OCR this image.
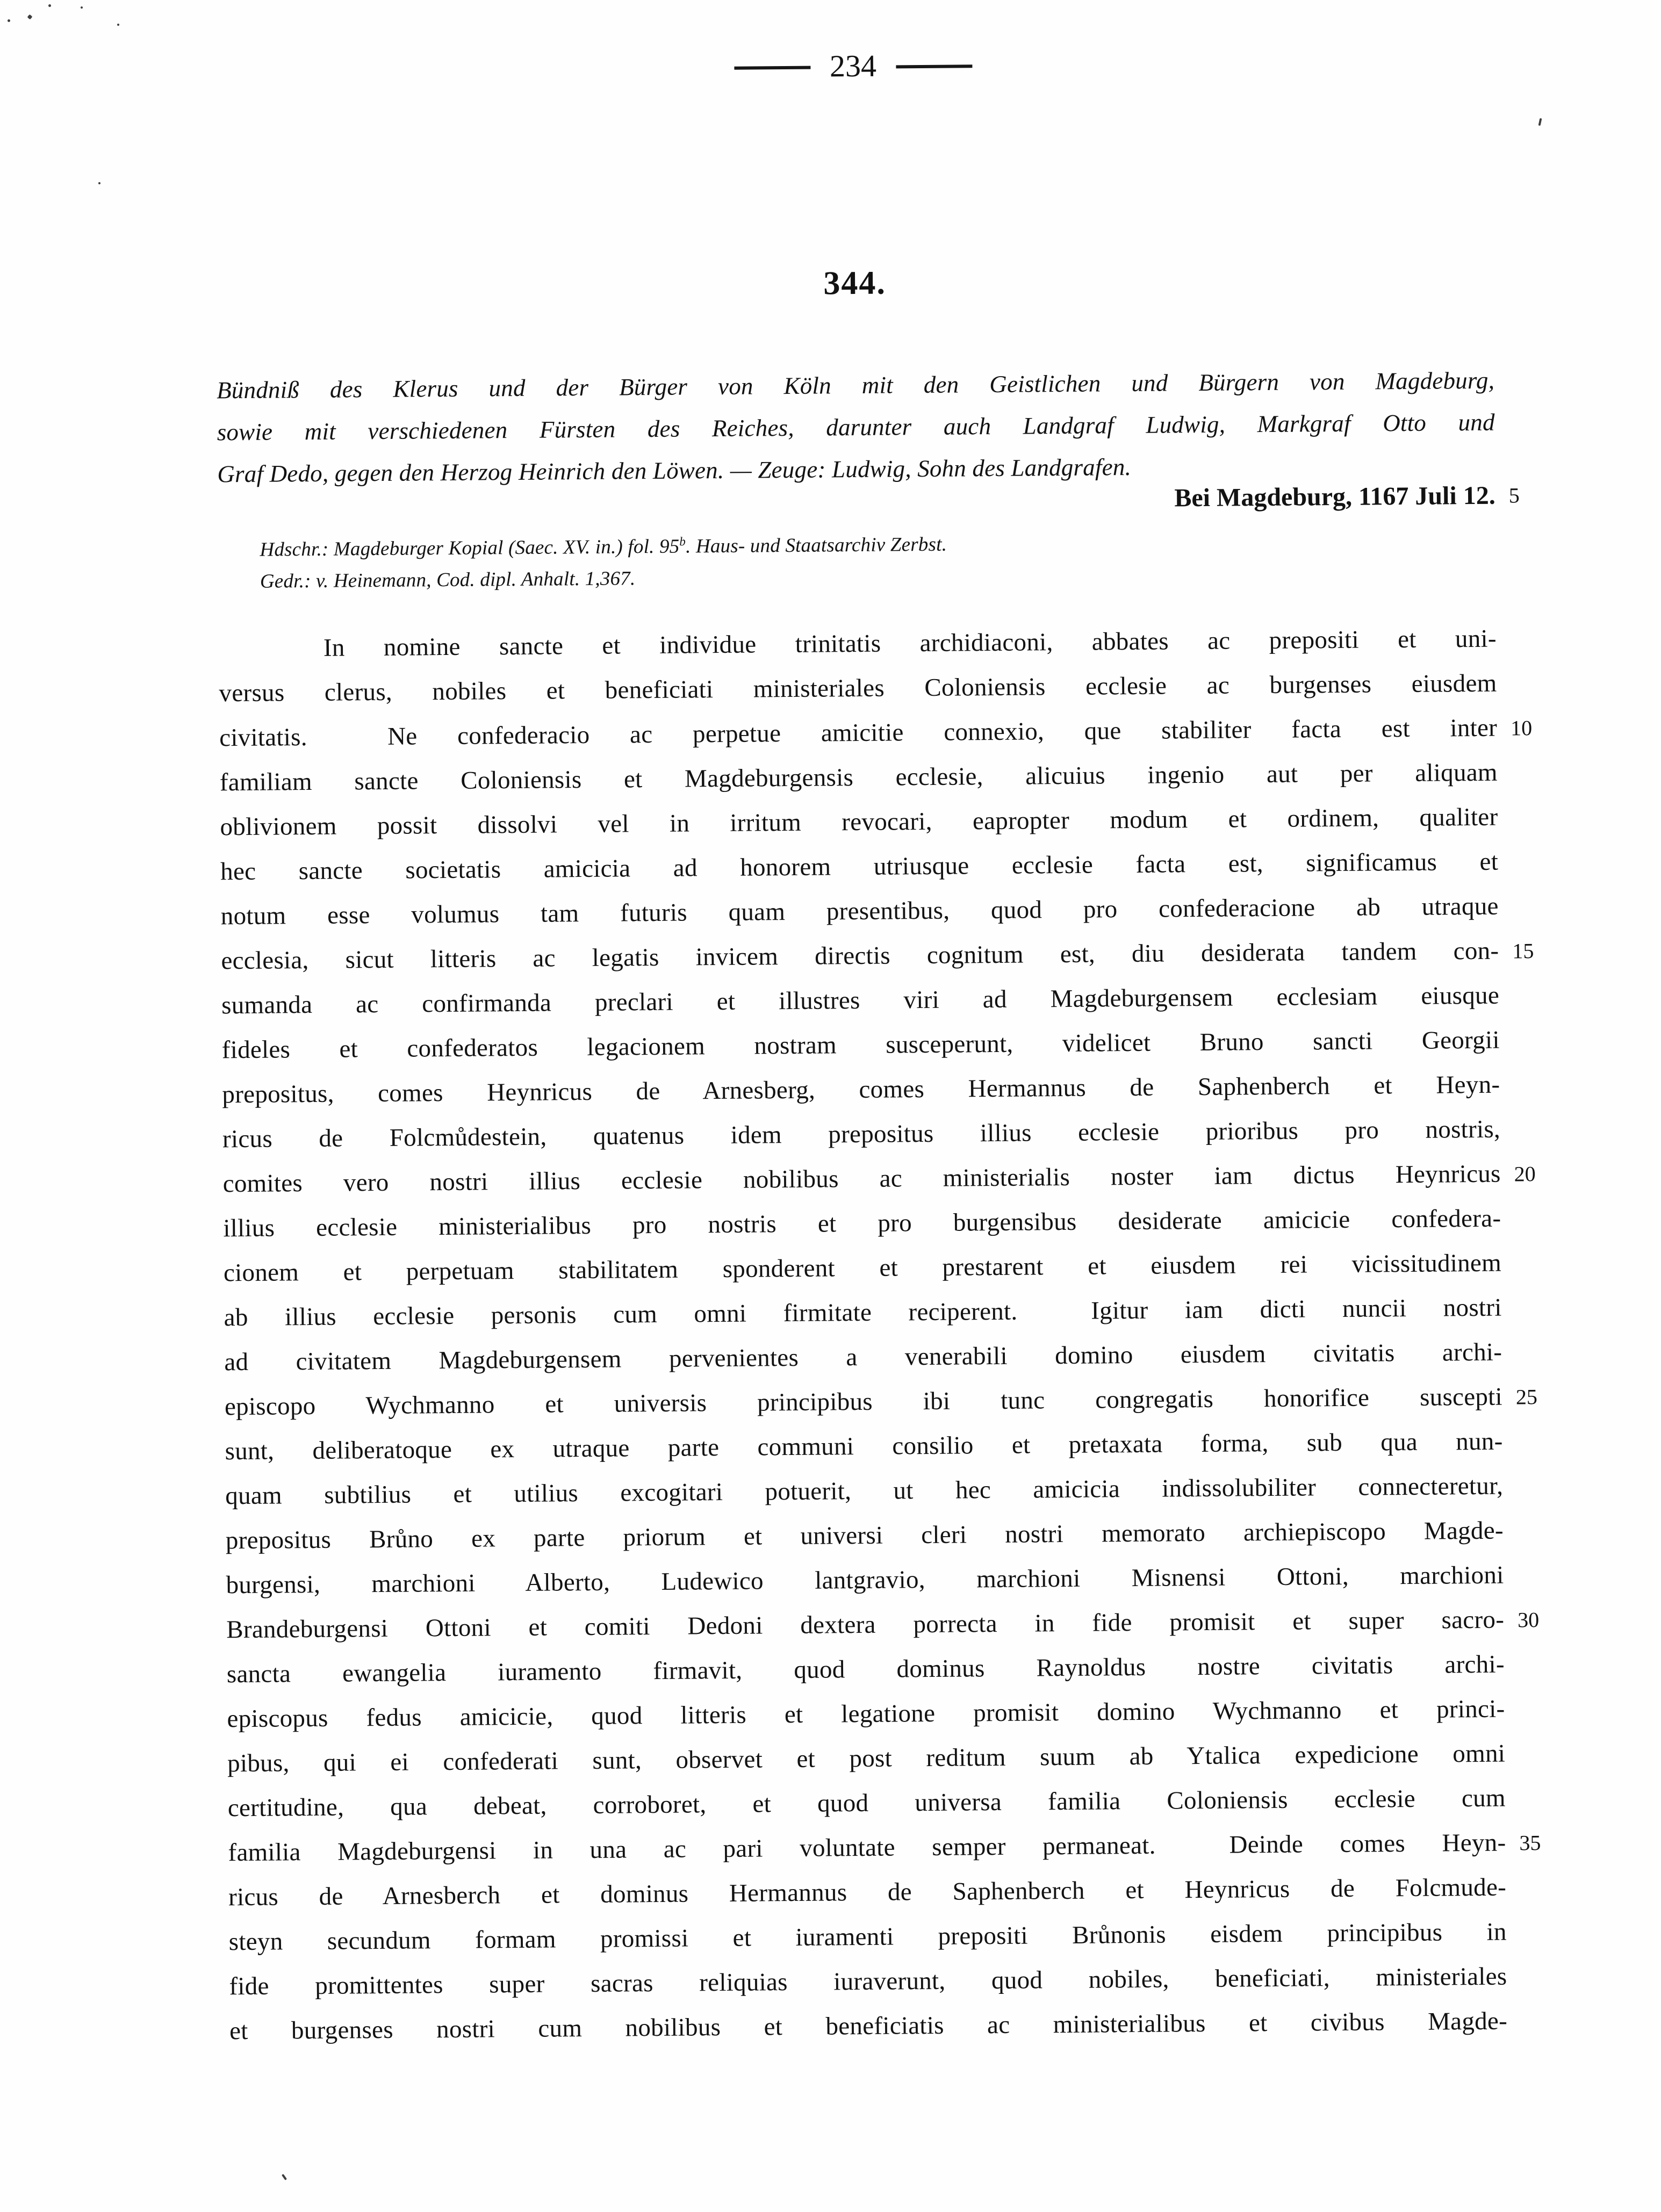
234
344.
Bündniß des Klerus und der Bürger von Köln mit den Geistlichen und Bürgern von Magdeburg,
sowie mit verschiedenen Fürsten des Reiches, darunter auch Landgraf Ludwig, Markgraf Otto und
Graf Dedo, gegen den Herzog Heinrich den Löwen. — Zeuge: Ludwig, Sohn des Landgrafen.
Bei Magdeburg, 1167 Juli 12. 5
Hdschr.: Magdeburger Kopial (Saec. XV. in.) fol. 95$^b$. Haus- und Staatsarchiv Zerbst.
Gedr.: v. Heinemann, Cod. dipl. Anhalt. 1,367.
In nomine sancte et individue trinitatis archidiaconi, abbates ac prepositi et uni-
versus clerus, nobiles et beneficiati ministeriales Coloniensis ecclesie ac burgenses eiusdem
civitatis.  Ne confederacio ac perpetue amicitie connexio, que stabiliter facta est inter 10
familiam sancte Coloniensis et Magdeburgensis ecclesie, alicuius ingenio aut per aliquam
oblivionem possit dissolvi vel in irritum revocari, eapropter modum et ordinem, qualiter
hec sancte societatis amicicia ad honorem utriusque ecclesie facta est, significamus et
notum esse volumus tam futuris quam presentibus, quod pro confederacione ab utraque
ecclesia, sicut litteris ac legatis invicem directis cognitum est, diu desiderata tandem con- 15
sumanda ac confirmanda preclari et illustres viri ad Magdeburgensem ecclesiam eiusque
fideles et confederatos legacionem nostram susceperunt, videlicet Bruno sancti Georgii
prepositus, comes Heynricus de Arnesberg, comes Hermannus de Saphenberch et Heyn-
ricus de Folcmůdestein, quatenus idem prepositus illius ecclesie prioribus pro nostris,
comites vero nostri illius ecclesie nobilibus ac ministerialis noster iam dictus Heynricus 20
illius ecclesie ministerialibus pro nostris et pro burgensibus desiderate amicicie confedera-
cionem et perpetuam stabilitatem sponderent et prestarent et eiusdem rei vicissitudinem
ab illius ecclesie personis cum omni firmitate reciperent.  Igitur iam dicti nuncii nostri
ad civitatem Magdeburgensem pervenientes a venerabili domino eiusdem civitatis archi-
episcopo Wychmanno et universis principibus ibi tunc congregatis honorifice suscepti 25
sunt, deliberatoque ex utraque parte communi consilio et pretaxata forma, sub qua nun-
quam subtilius et utilius excogitari potuerit, ut hec amicicia indissolubiliter connecteretur,
prepositus Brůno ex parte priorum et universi cleri nostri memorato archiepiscopo Magde-
burgensi, marchioni Alberto, Ludewico lantgravio, marchioni Misnensi Ottoni, marchioni
Brandeburgensi Ottoni et comiti Dedoni dextera porrecta in fide promisit et super sacro- 30
sancta ewangelia iuramento firmavit, quod dominus Raynoldus nostre civitatis archi-
episcopus fedus amicicie, quod litteris et legatione promisit domino Wychmanno et princi-
pibus, qui ei confederati sunt, observet et post reditum suum ab Ytalica expedicione omni
certitudine, qua debeat, corroboret, et quod universa familia Coloniensis ecclesie cum
familia Magdeburgensi in una ac pari voluntate semper permaneat.  Deinde comes Heyn- 35
ricus de Arnesberch et dominus Hermannus de Saphenberch et Heynricus de Folcmude-
steyn secundum formam promissi et iuramenti prepositi Brůnonis eisdem principibus in
fide promittentes super sacras reliquias iuraverunt, quod nobiles, beneficiati, ministeriales
et burgenses nostri cum nobilibus et beneficiatis ac ministerialibus et civibus Magde-
